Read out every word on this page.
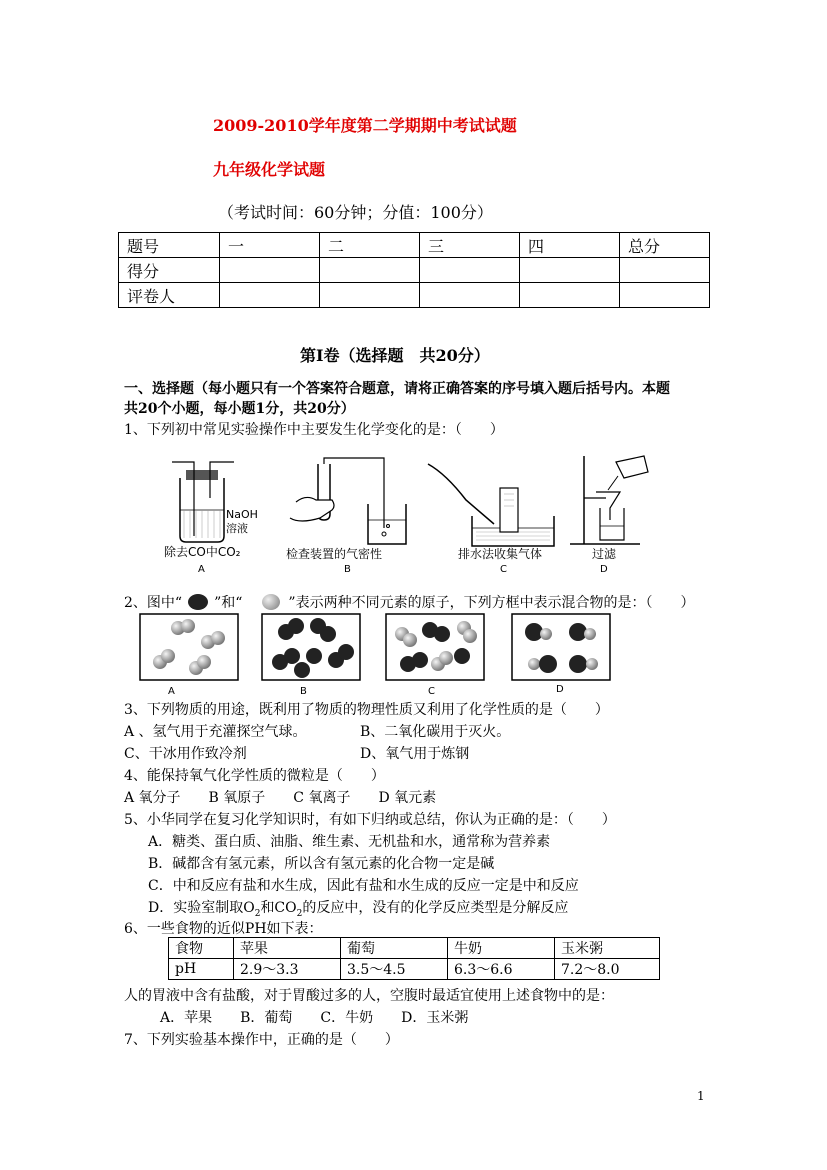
2009-2010学年度第二学期期中考试试题
九年级化学试题
（考试时间：60分钟；分值：100分）
题号	一	二	三	四	总分
得分					
评卷人					
第Ⅰ卷（选择题　共20分）
一、选择题（每小题只有一个答案符合题意，请将正确答案的序号填入题后括号内。本题
共20个小题，每小题1分，共20分）
1、下列初中常见实验操作中主要发生化学变化的是：（　　）
NaOH
溶液
除去CO中CO₂
A
检查装置的气密性
B
排水法收集气体
C
过滤
D
2、图中“ ”和“	”表示两种不同元素的原子，下列方框中表示混合物的是：（　　）
A	B	C	D
3、下列物质的用途，既利用了物质的物理性质又利用了化学性质的是（　　）
A 、氢气用于充灌探空气球。	B、二氧化碳用于灭火。
C、干冰用作致冷剂	D、氧气用于炼钢
4、能保持氧气化学性质的微粒是（　　）
A 氧分子　　B 氧原子　　C 氧离子　　D 氧元素
5、小华同学在复习化学知识时，有如下归纳或总结，你认为正确的是：（　　）
A．糖类、蛋白质、油脂、维生素、无机盐和水，通常称为营养素
B．碱都含有氢元素，所以含有氢元素的化合物一定是碱
C．中和反应有盐和水生成，因此有盐和水生成的反应一定是中和反应
D．实验室制取$O_2$和$CO_2$的反应中，没有的化学反应类型是分解反应
6、一些食物的近似PH如下表：
食物	苹果	葡萄	牛奶	玉米粥
pH	2.9～3.3	3.5～4.5	6.3～6.6	7.2～8.0
人的胃液中含有盐酸，对于胃酸过多的人，空腹时最适宜使用上述食物中的是：
A．苹果　　B．葡萄　　C．牛奶　　D．玉米粥
7、下列实验基本操作中，正确的是（　　）
1
